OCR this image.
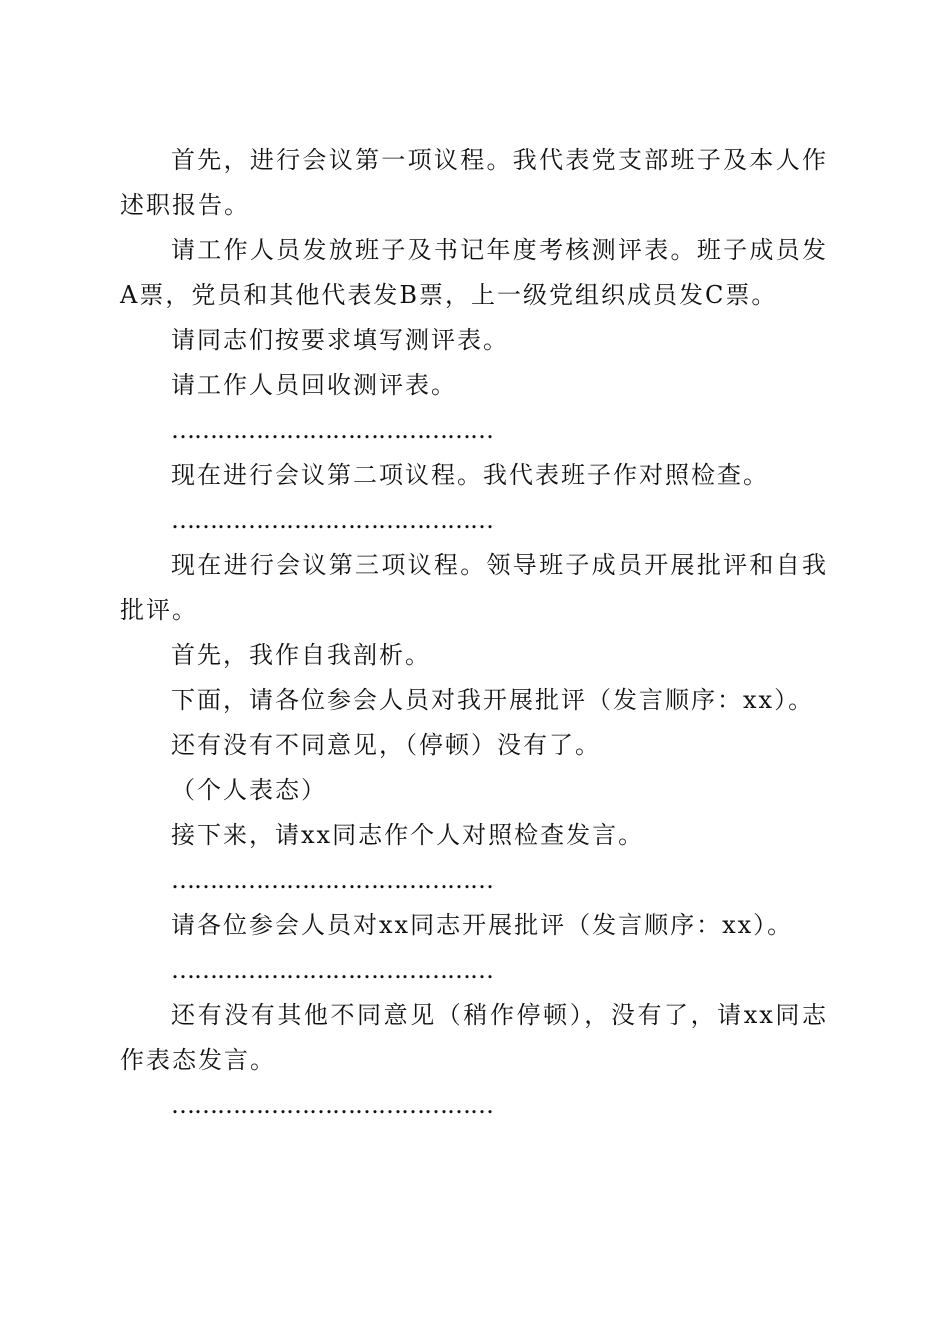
首先，进行会议第一项议程。我代表党支部班子及本人作述职报告。

请工作人员发放班子及书记年度考核测评表。班子成员发A票，党员和其他代表发B票，上一级党组织成员发C票。

请同志们按要求填写测评表。

请工作人员回收测评表。

……………………………………

现在进行会议第二项议程。我代表班子作对照检查。

……………………………………

现在进行会议第三项议程。领导班子成员开展批评和自我批评。

首先，我作自我剖析。

下面，请各位参会人员对我开展批评（发言顺序：xx）。

还有没有不同意见，（停顿）没有了。

（个人表态）

接下来，请xx同志作个人对照检查发言。

……………………………………

请各位参会人员对xx同志开展批评（发言顺序：xx）。

……………………………………

还有没有其他不同意见（稍作停顿），没有了，请xx同志作表态发言。

……………………………………
